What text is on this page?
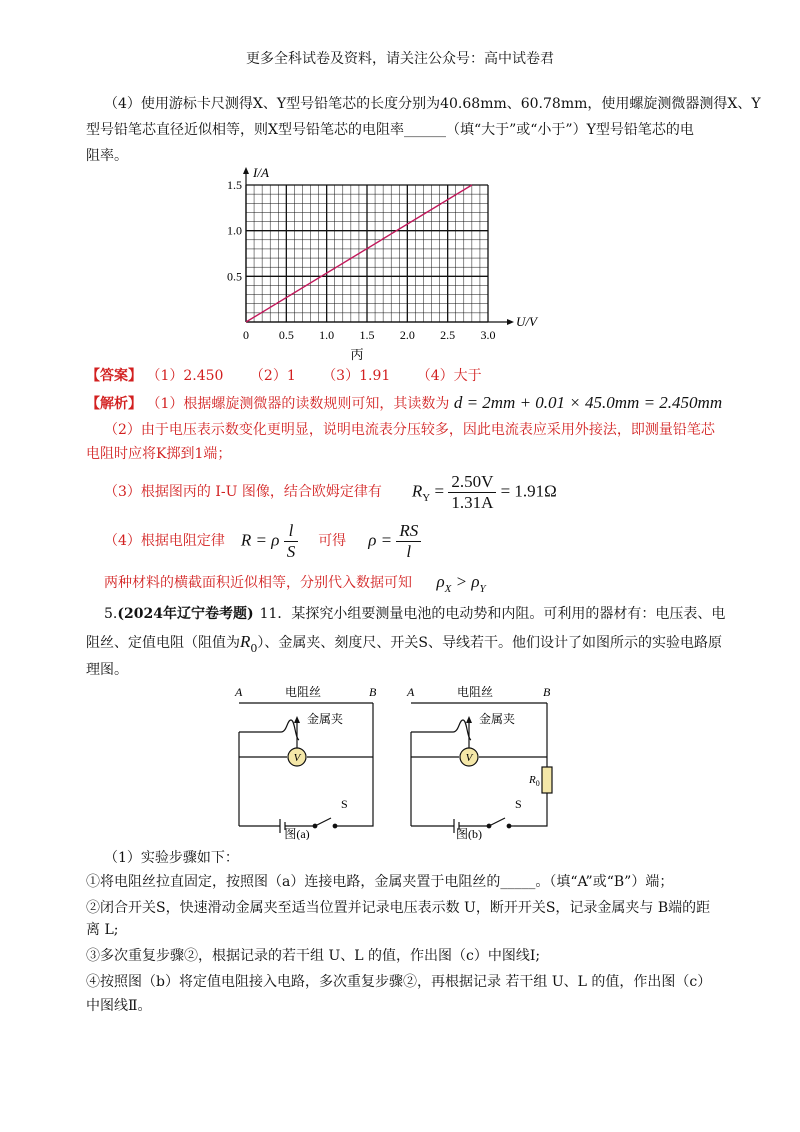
更多全科试卷及资料，请关注公众号：高中试卷君
（4）使用游标卡尺测得X、Y型号铅笔芯的长度分别为40.68mm、60.78mm，使用螺旋测微器测得X、Y
型号铅笔芯直径近似相等，则X型号铅笔芯的电阻率______（填“大于”或“小于”）Y型号铅笔芯的电
阻率。
0 0.5 1.0 1.5 2.0 2.5 3.0
0.5
1.0
1.5
I/A
U/V
丙
【答案】 （1）2.450 （2）1 （3）1.91 （4）大于
【解析】 （1）根据螺旋测微器的读数规则可知，其读数为 d = 2mm + 0.01 × 45.0mm = 2.450mm
（2）由于电压表示数变化更明显，说明电流表分压较多，因此电流表应采用外接法，即测量铅笔芯
电阻时应将K掷到1端；
（3）根据图丙的 I-U 图像，结合欧姆定律有 $R_Y = \frac{2.50V}{1.31A} = 1.91\Omega$
（4）根据电阻定律 R = ρ $\frac{l}{S}$ 可得 $\rho = \frac{RS}{l}$
两种材料的横截面积近似相等，分别代入数据可知 $\rho_X > \rho_Y$
5.(2024年辽宁卷考题) 11．某探究小组要测量电池的电动势和内阻。可利用的器材有：电压表、电
阻丝、定值电阻（阻值为$R_0$）、金属夹、刻度尺、开关S、导线若干。他们设计了如图所示的实验电路原
理图。
A	B
电阻丝
金属夹
V
S
图(a)
A	B
电阻丝
金属夹
V
$R_0$
S
图(b)
（1）实验步骤如下：
①将电阻丝拉直固定，按照图（a）连接电路，金属夹置于电阻丝的_____。（填“A”或“B”）端；
②闭合开关S，快速滑动金属夹至适当位置并记录电压表示数 U，断开开关S，记录金属夹与 B端的距
离 L;
③多次重复步骤②，根据记录的若干组 U、L 的值，作出图（c）中图线Ⅰ;
④按照图（b）将定值电阻接入电路，多次重复步骤②，再根据记录 若干组 U、L 的值，作出图（c）
中图线Ⅱ。
